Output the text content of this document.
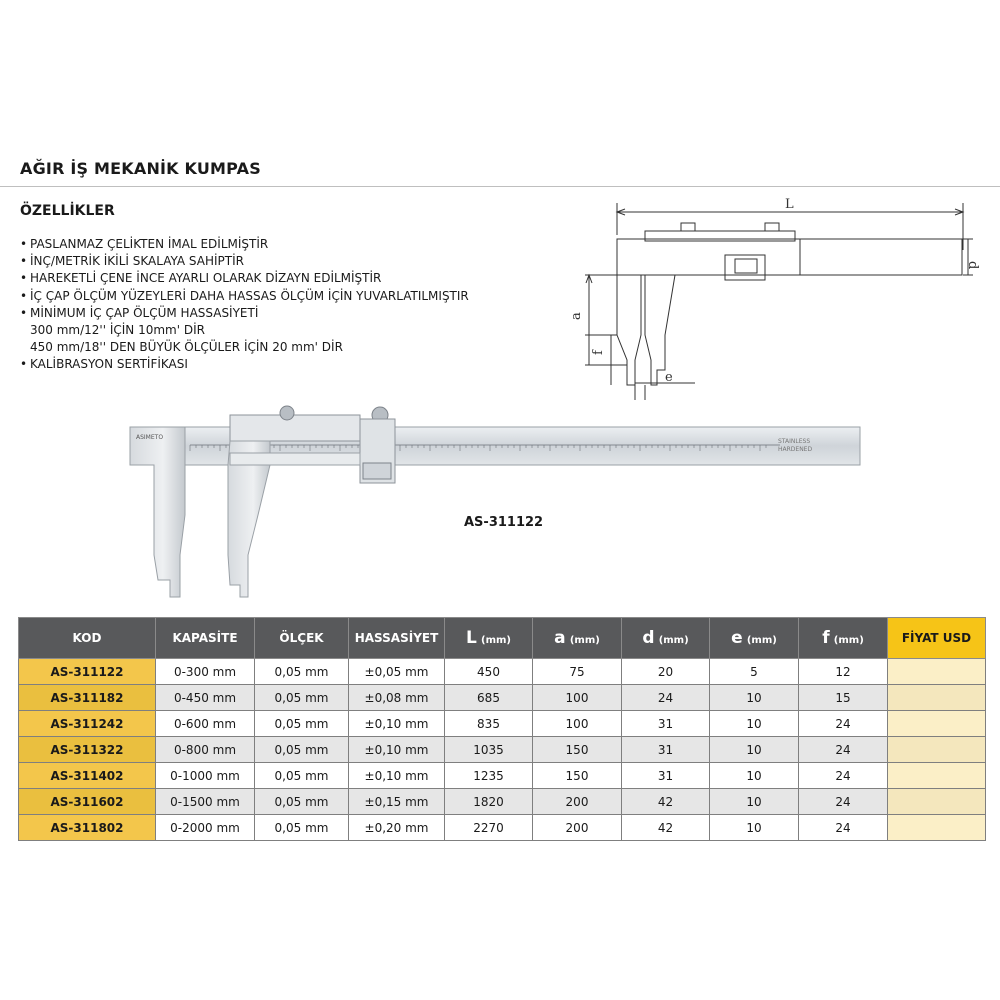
AĞIR İŞ MEKANİK KUMPAS
ÖZELLİKLER
• PASLANMAZ ÇELİKTEN İMAL EDİLMİŞTİR
• İNÇ/METRİK İKİLİ SKALAYA SAHİPTİR
• HAREKETLİ ÇENE İNCE AYARLI OLARAK DİZAYN EDİLMİŞTİR
• İÇ ÇAP ÖLÇÜM YÜZEYLERİ DAHA HASSAS ÖLÇÜM İÇİN YUVARLATILMIŞTIR
• MİNİMUM İÇ ÇAP ÖLÇÜM HASSASİYETİ
300 mm/12'' İÇİN 10mm' DİR
450 mm/18'' DEN BÜYÜK ÖLÇÜLER İÇİN 20 mm' DİR
• KALİBRASYON SERTİFİKASI
L
d
a
f
e
ASIMETO
STAINLESS
HARDENED
AS-311122
KOD	KAPASİTE	ÖLÇEK	HASSASİYET	L (mm)	a (mm)	d (mm)	e (mm)	f (mm)	FİYAT USD
AS-311122	0-300 mm	0,05 mm	±0,05 mm	450	75	20	5	12	
AS-311182	0-450 mm	0,05 mm	±0,08 mm	685	100	24	10	15	
AS-311242	0-600 mm	0,05 mm	±0,10 mm	835	100	31	10	24	
AS-311322	0-800 mm	0,05 mm	±0,10 mm	1035	150	31	10	24	
AS-311402	0-1000 mm	0,05 mm	±0,10 mm	1235	150	31	10	24	
AS-311602	0-1500 mm	0,05 mm	±0,15 mm	1820	200	42	10	24	
AS-311802	0-2000 mm	0,05 mm	±0,20 mm	2270	200	42	10	24	
